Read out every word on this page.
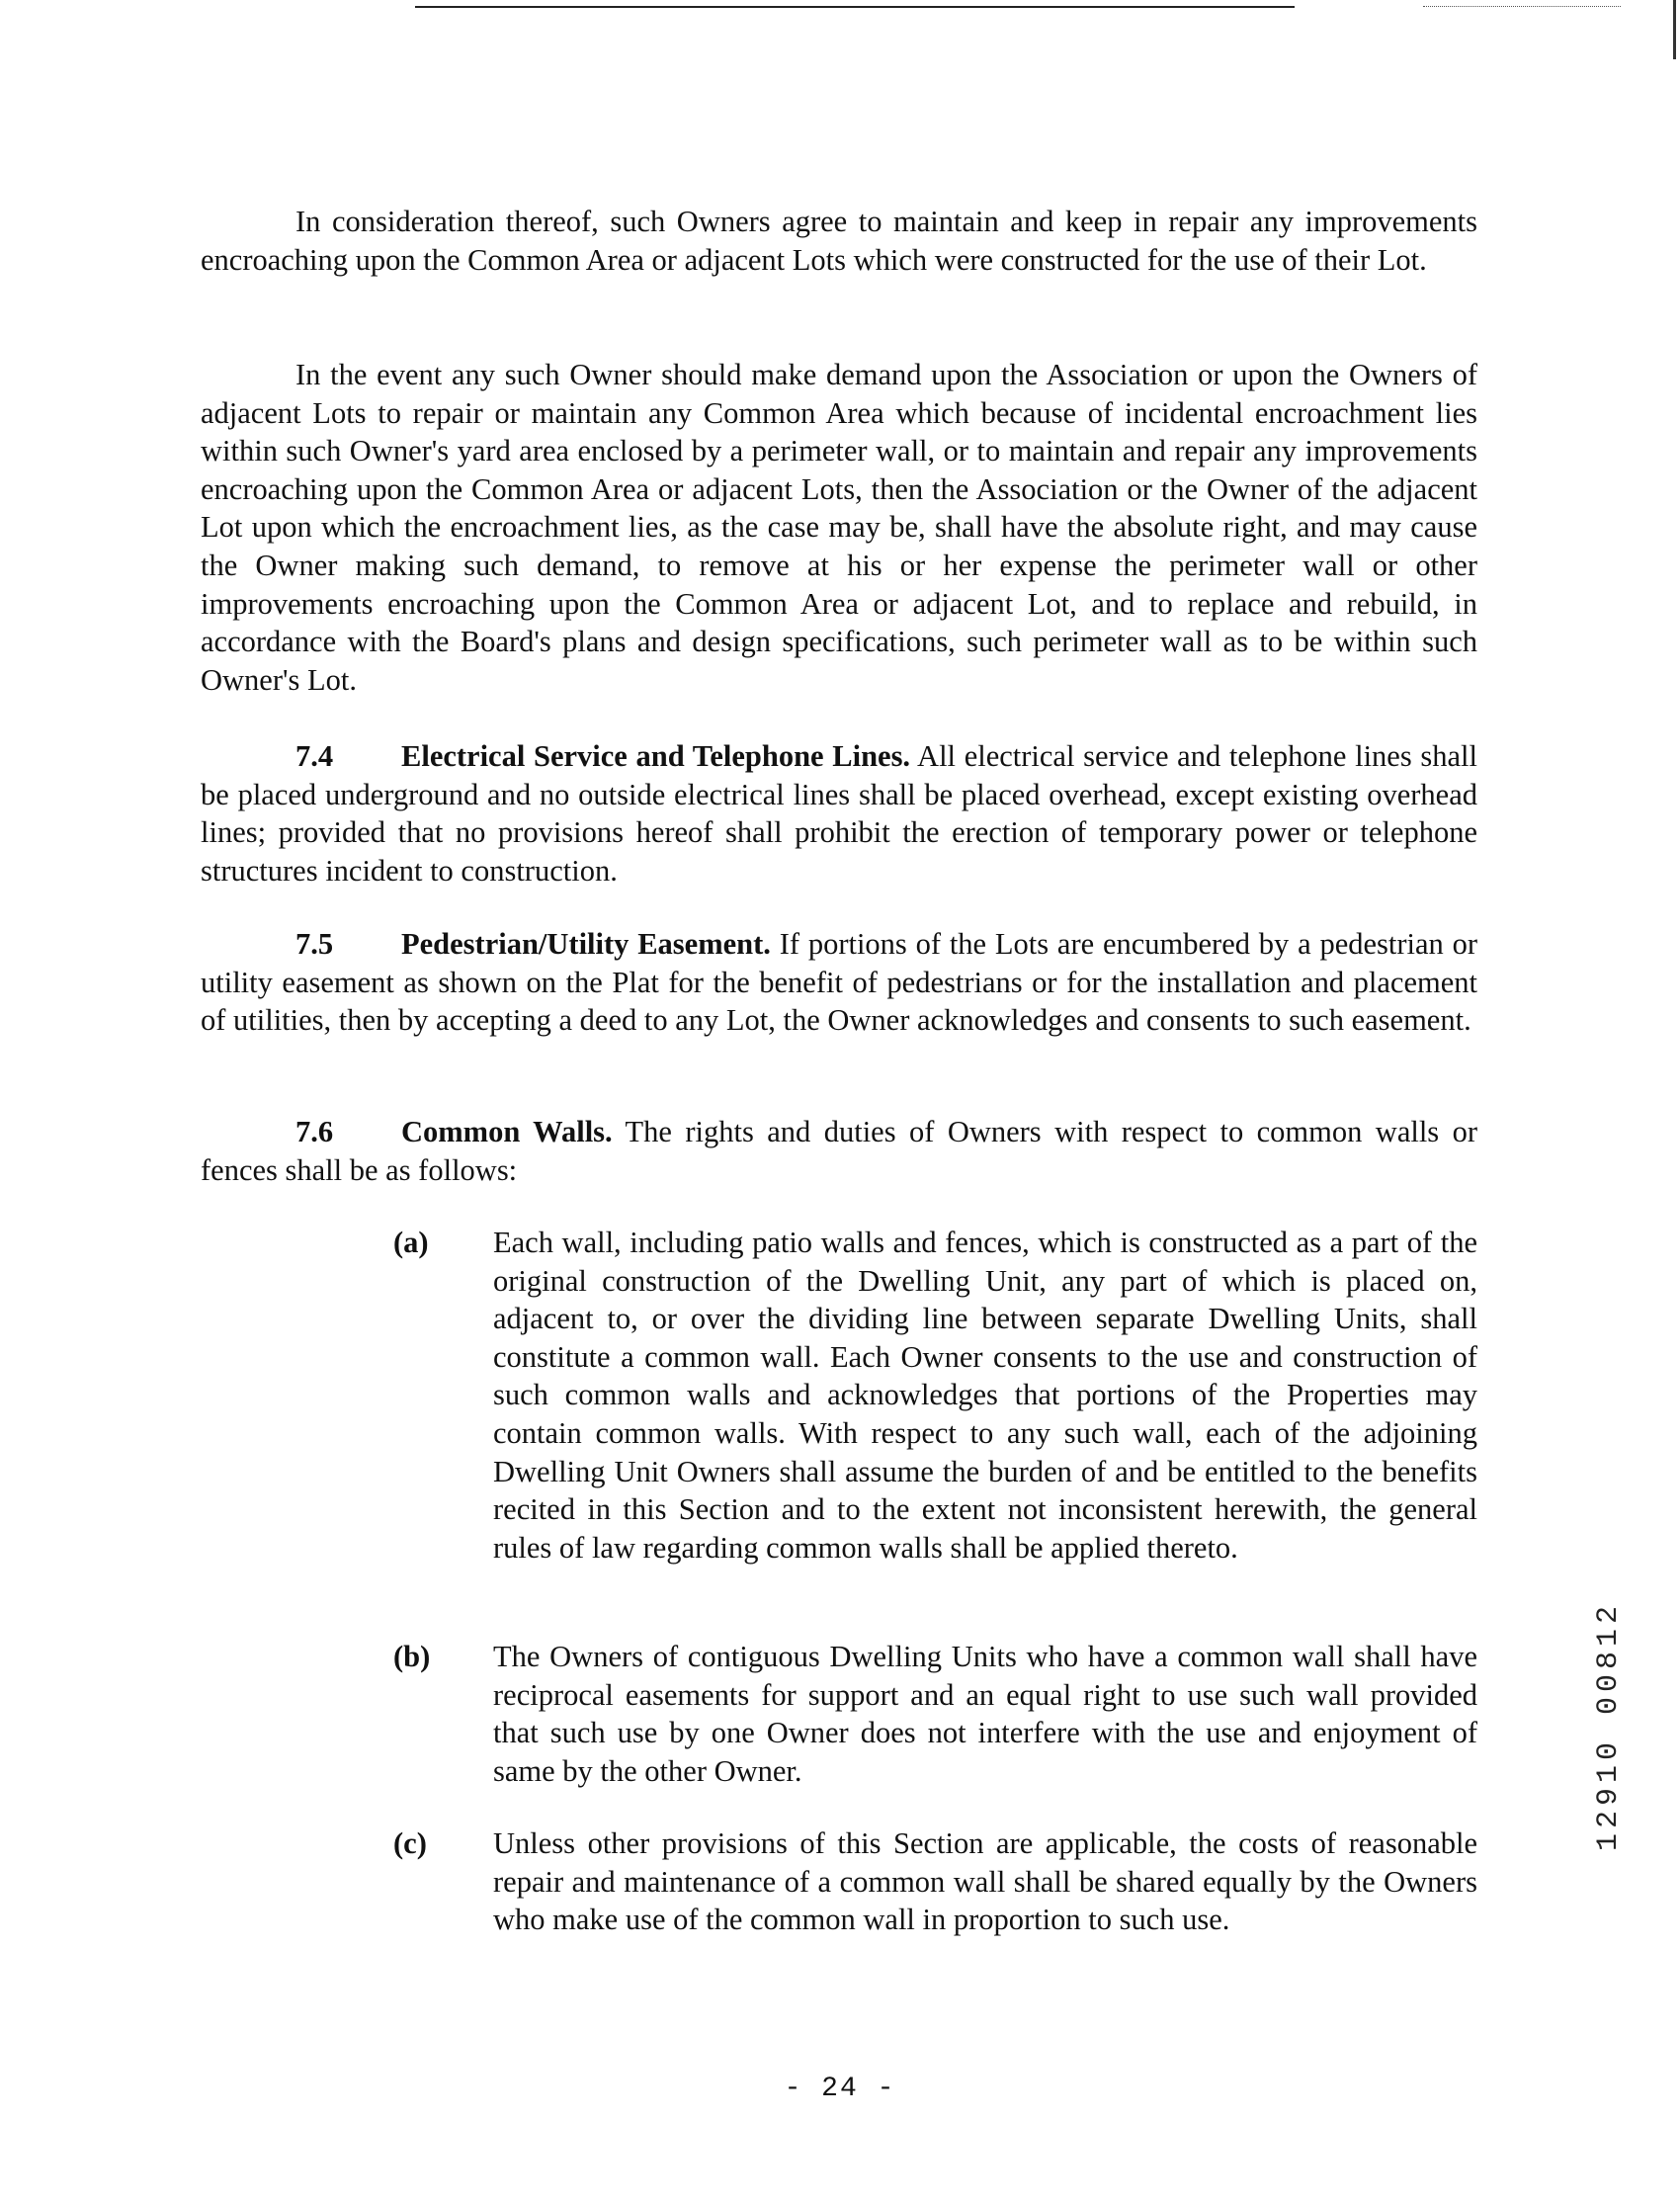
In consideration thereof, such Owners agree to maintain and keep in repair any improvements encroaching upon the Common Area or adjacent Lots which were constructed for the use of their Lot.

In the event any such Owner should make demand upon the Association or upon the Owners of adjacent Lots to repair or maintain any Common Area which because of incidental encroachment lies within such Owner's yard area enclosed by a perimeter wall, or to maintain and repair any improvements encroaching upon the Common Area or adjacent Lots, then the Association or the Owner of the adjacent Lot upon which the encroachment lies, as the case may be, shall have the absolute right, and may cause the Owner making such demand, to remove at his or her expense the perimeter wall or other improvements encroaching upon the Common Area or adjacent Lot, and to replace and rebuild, in accordance with the Board's plans and design specifications, such perimeter wall as to be within such Owner's Lot.

7.4 Electrical Service and Telephone Lines. All electrical service and telephone lines shall be placed underground and no outside electrical lines shall be placed overhead, except existing overhead lines; provided that no provisions hereof shall prohibit the erection of temporary power or telephone structures incident to construction.
7.5 Pedestrian/Utility Easement. If portions of the Lots are encumbered by a pedestrian or utility easement as shown on the Plat for the benefit of pedestrians or for the installation and placement of utilities, then by accepting a deed to any Lot, the Owner acknowledges and consents to such easement.
7.6 Common Walls. The rights and duties of Owners with respect to common walls or fences shall be as follows:
(a) Each wall, including patio walls and fences, which is constructed as a part of the original construction of the Dwelling Unit, any part of which is placed on, adjacent to, or over the dividing line between separate Dwelling Units, shall constitute a common wall. Each Owner consents to the use and construction of such common walls and acknowledges that portions of the Properties may contain common walls. With respect to any such wall, each of the adjoining Dwelling Unit Owners shall assume the burden of and be entitled to the benefits recited in this Section and to the extent not inconsistent herewith, the general rules of law regarding common walls shall be applied thereto.
(b) The Owners of contiguous Dwelling Units who have a common wall shall have reciprocal easements for support and an equal right to use such wall provided that such use by one Owner does not interfere with the use and enjoyment of same by the other Owner.
(c) Unless other provisions of this Section are applicable, the costs of reasonable repair and maintenance of a common wall shall be shared equally by the Owners who make use of the common wall in proportion to such use.
- 24 -
12910 00812
